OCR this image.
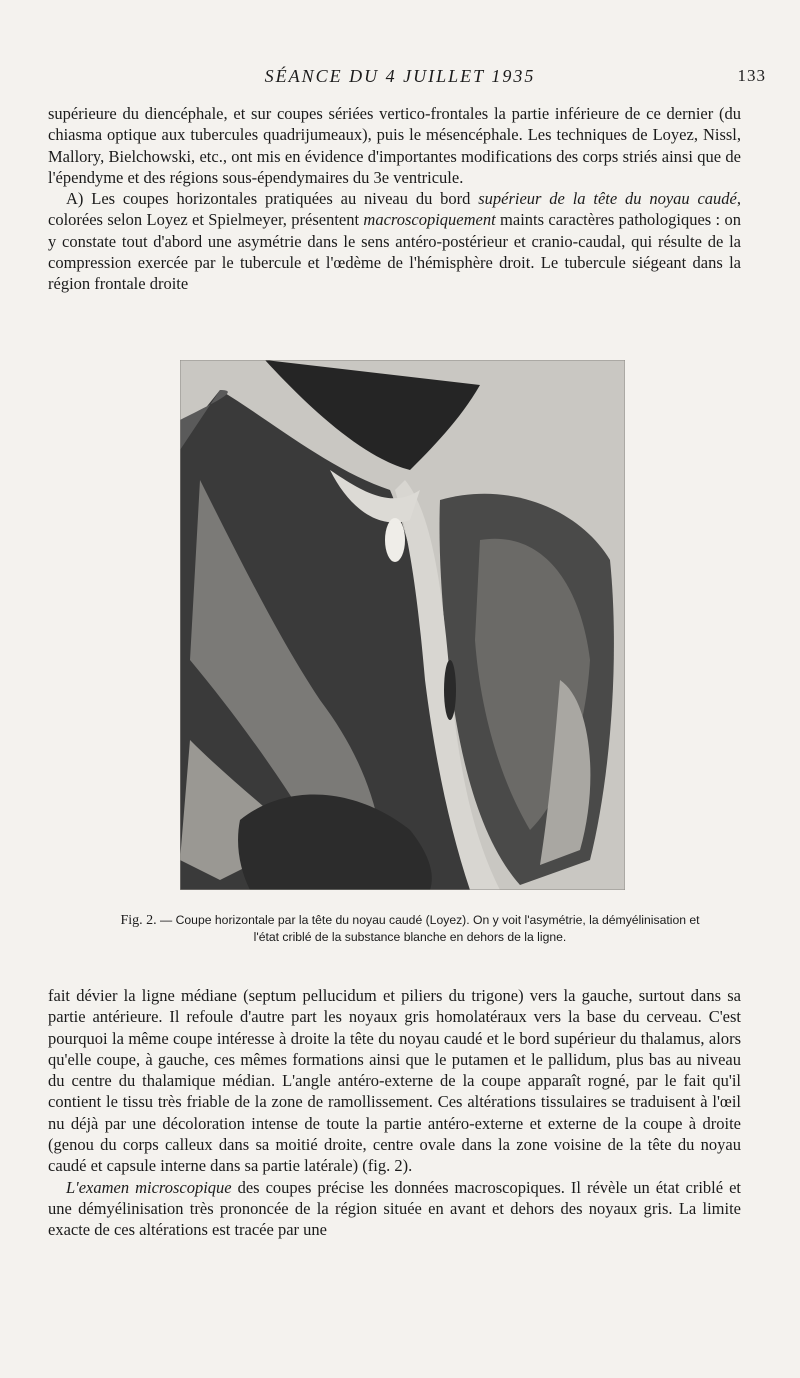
SÉANCE DU 4 JUILLET 1935	133

supérieure du diencéphale, et sur coupes sériées vertico-frontales la partie inférieure de ce dernier (du chiasma optique aux tubercules quadrijumeaux), puis le mésencéphale. Les techniques de Loyez, Nissl, Mallory, Bielchowski, etc., ont mis en évidence d'importantes modifications des corps striés ainsi que de l'épendyme et des régions sous-épendymaires du 3e ventricule.

A) Les coupes horizontales pratiquées au niveau du bord supérieur de la tête du noyau caudé, colorées selon Loyez et Spielmeyer, présentent macroscopiquement maints caractères pathologiques : on y constate tout d'abord une asymétrie dans le sens antéro-postérieur et cranio-caudal, qui résulte de la compression exercée par le tubercule et l'œdème de l'hémisphère droit. Le tubercule siégeant dans la région frontale droite

Fig. 2. — Coupe horizontale par la tête du noyau caudé (Loyez). On y voit l'asymétrie, la démyélinisation et l'état criblé de la substance blanche en dehors de la ligne.

fait dévier la ligne médiane (septum pellucidum et piliers du trigone) vers la gauche, surtout dans sa partie antérieure. Il refoule d'autre part les noyaux gris homolatéraux vers la base du cerveau. C'est pourquoi la même coupe intéresse à droite la tête du noyau caudé et le bord supérieur du thalamus, alors qu'elle coupe, à gauche, ces mêmes formations ainsi que le putamen et le pallidum, plus bas au niveau du centre du thalamique médian. L'angle antéro-externe de la coupe apparaît rogné, par le fait qu'il contient le tissu très friable de la zone de ramollissement. Ces altérations tissulaires se traduisent à l'œil nu déjà par une décoloration intense de toute la partie antéro-externe et externe de la coupe à droite (genou du corps calleux dans sa moitié droite, centre ovale dans la zone voisine de la tête du noyau caudé et capsule interne dans sa partie latérale) (fig. 2).

L'examen microscopique des coupes précise les données macroscopiques. Il révèle un état criblé et une démyélinisation très prononcée de la région située en avant et dehors des noyaux gris. La limite exacte de ces altérations est tracée par une
